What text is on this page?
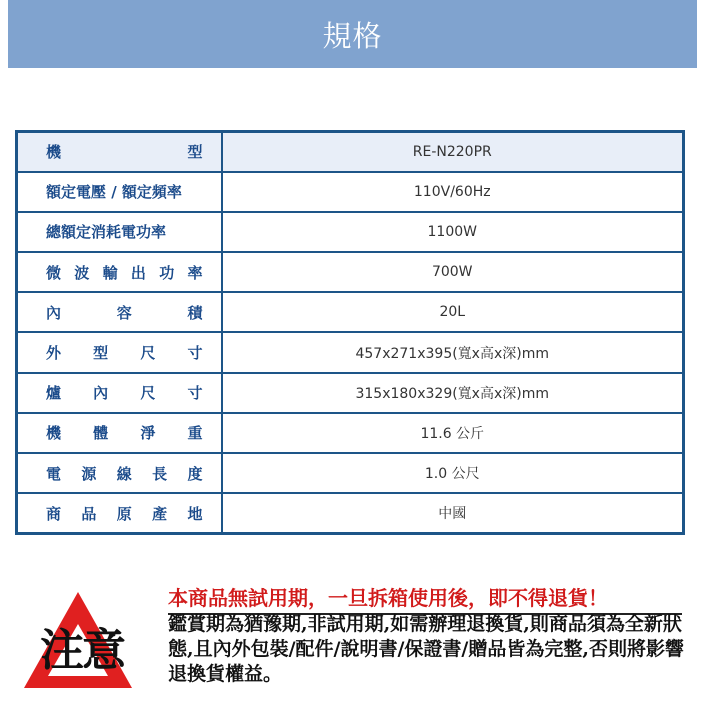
規格
機 型	RE-N220PR

額定電壓 / 額定頻率	110V/60Hz

總額定消耗電功率	1100W

微 波 輸 出 功 率	700W

內 容 積	20L

外 型 尺 寸	457x271x395(寬x高x深)mm

爐 內 尺 寸	315x180x329(寬x高x深)mm

機 體 淨 重	11.6 公斤

電 源 線 長 度	1.0 公尺

商 品 原 產 地	中國
注意
本商品無試用期，一旦拆箱使用後，即不得退貨！
鑑賞期為猶豫期,非試用期,如需辦理退換貨,則商品須為全新狀態,且內外包裝/配件/說明書/保證書/贈品皆為完整,否則將影響退換貨權益。
